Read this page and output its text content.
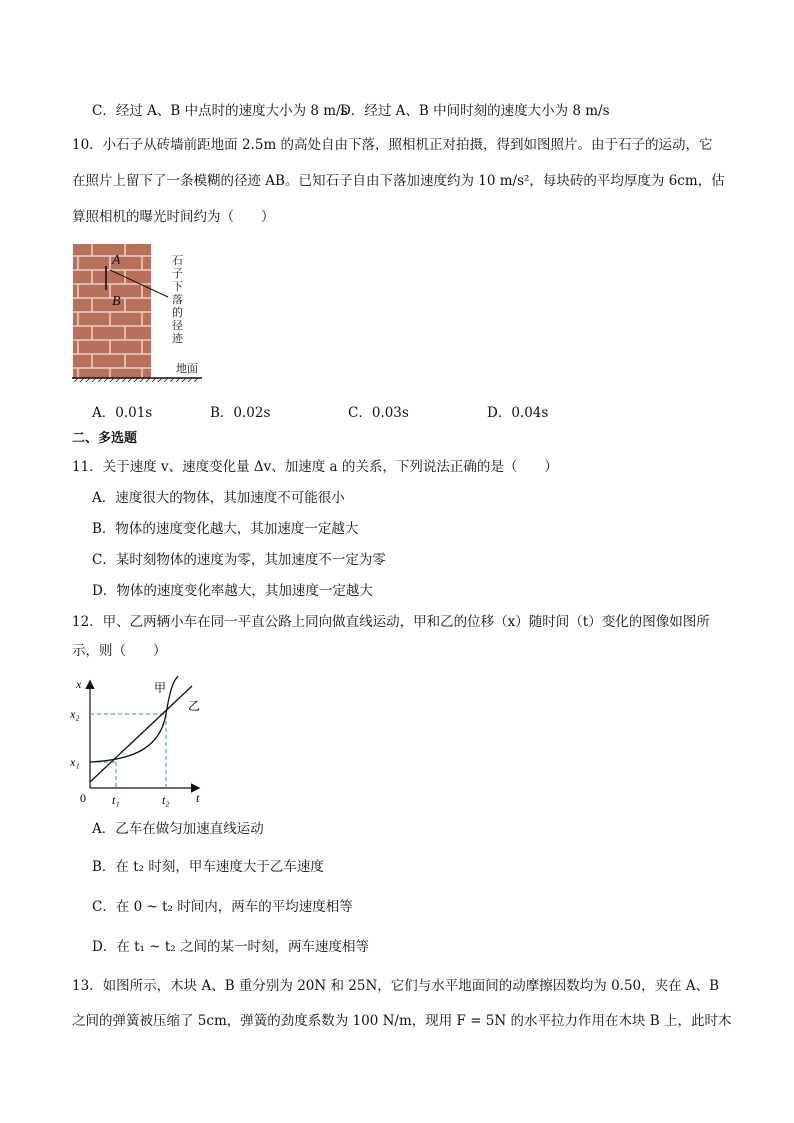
C．经过 A、B 中点时的速度大小为 8 m/s
D．经过 A、B 中间时刻的速度大小为 8 m/s
10．小石子从砖墙前距地面 2.5m 的高处自由下落，照相机正对拍摄，得到如图照片。由于石子的运动，它
在照片上留下了一条模糊的径迹 AB。已知石子自由下落加速度约为 10 m/s²，每块砖的平均厚度为 6cm，估
算照相机的曝光时间约为（　　）
A
B
石
子
下
落
的
径
迹
地面
A．0.01s	B．0.02s	C．0.03s	D．0.04s
二、多选题
11．关于速度 v、速度变化量 Δv、加速度 a 的关系，下列说法正确的是（　　）
A．速度很大的物体，其加速度不可能很小
B．物体的速度变化越大，其加速度一定越大
C．某时刻物体的速度为零，其加速度不一定为零
D．物体的速度变化率越大，其加速度一定越大
12．甲、乙两辆小车在同一平直公路上同向做直线运动，甲和乙的位移（x）随时间（t）变化的图像如图所
示，则（　　）
x
t
0
x₂
x₁
t₁	t₂
甲
乙
A．乙车在做匀加速直线运动
B．在 t₂ 时刻，甲车速度大于乙车速度
C．在 0 ~ t₂ 时间内，两车的平均速度相等
D．在 t₁ ~ t₂ 之间的某一时刻，两车速度相等
13．如图所示，木块 A、B 重分别为 20N 和 25N，它们与水平地面间的动摩擦因数均为 0.50，夹在 A、B
之间的弹簧被压缩了 5cm，弹簧的劲度系数为 100 N/m，现用 F = 5N 的水平拉力作用在木块 B 上，此时木
